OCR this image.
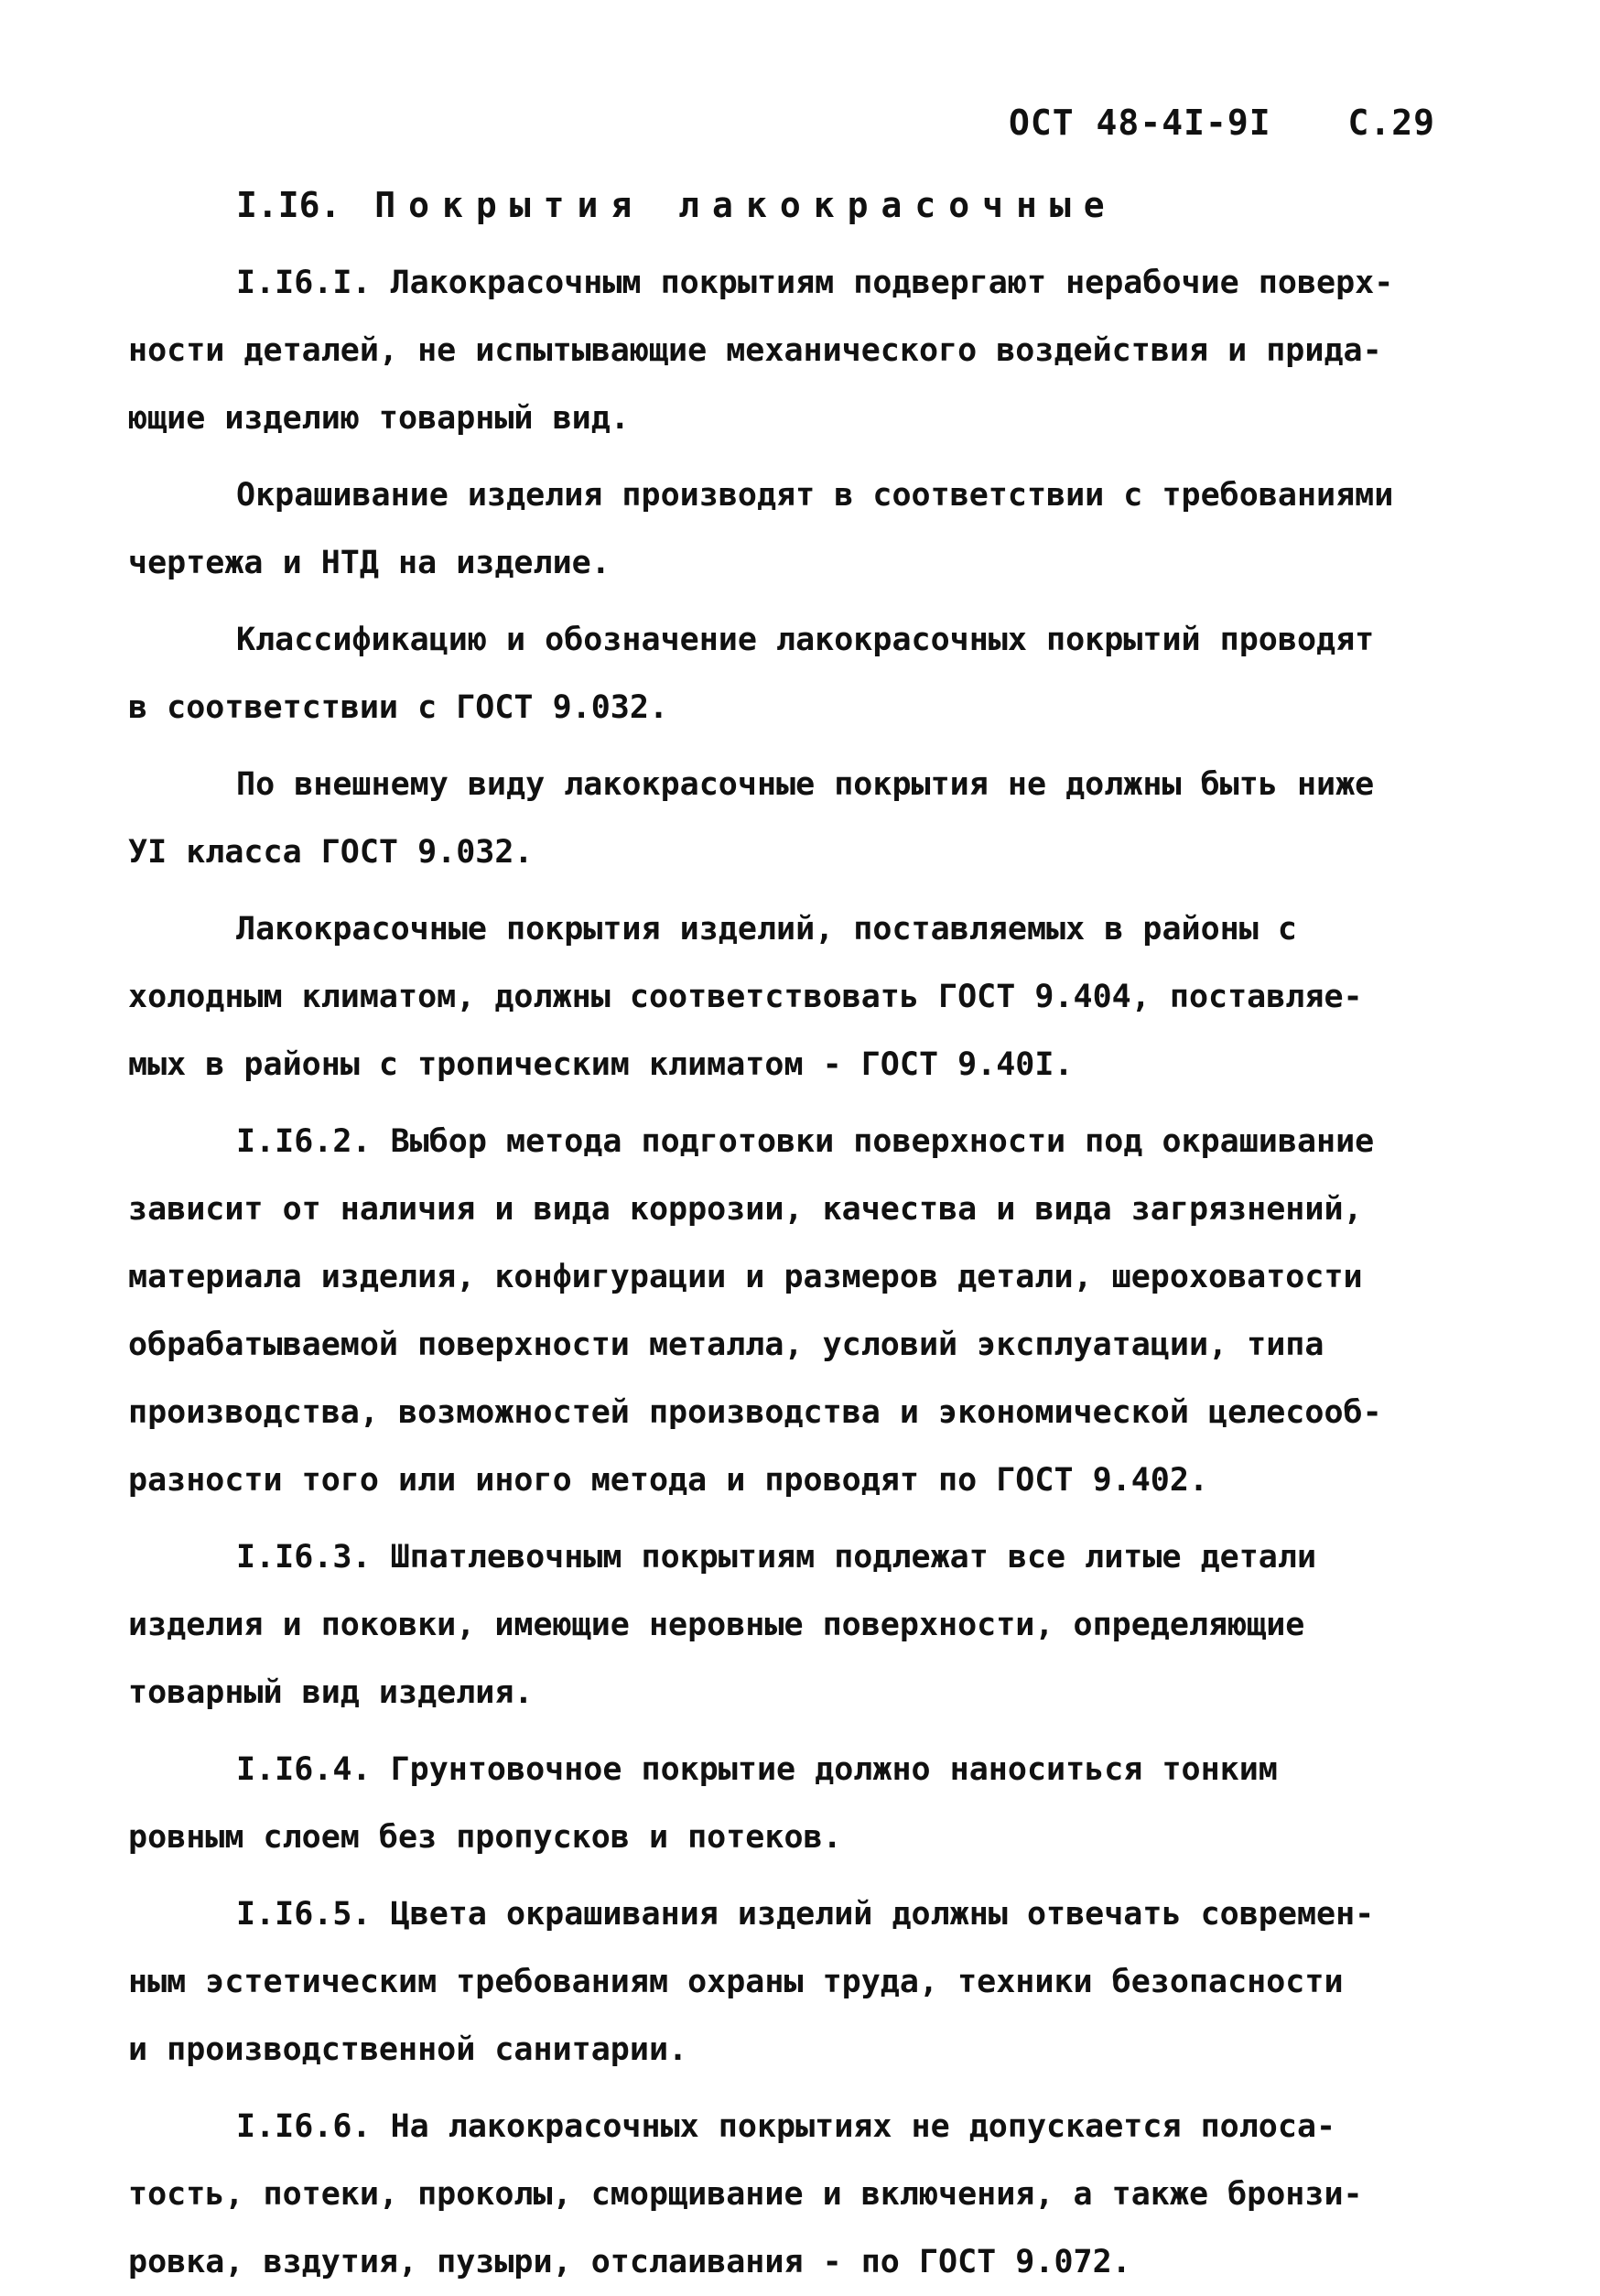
ОСТ 48-4I-9I С.29
I.I6. Покрытия лакокрасочные
I.I6.I. Лакокрасочным покрытиям подвергают нерабочие поверх-
ности деталей, не испытывающие механического воздействия и прида-
ющие изделию товарный вид.
Окрашивание изделия производят в соответствии с требованиями
чертежа и НТД на изделие.
Классификацию и обозначение лакокрасочных покрытий проводят
в соответствии с ГОСТ 9.032.
По внешнему виду лакокрасочные покрытия не должны быть ниже
УI класса ГОСТ 9.032.
Лакокрасочные покрытия изделий, поставляемых в районы с
холодным климатом, должны соответствовать ГОСТ 9.404, поставляе-
мых в районы с тропическим климатом - ГОСТ 9.40I.
I.I6.2. Выбор метода подготовки поверхности под окрашивание
зависит от наличия и вида коррозии, качества и вида загрязнений,
материала изделия, конфигурации и размеров детали, шероховатости
обрабатываемой поверхности металла, условий эксплуатации, типа
производства, возможностей производства и экономической целесооб-
разности того или иного метода и проводят по ГОСТ 9.402.
I.I6.3. Шпатлевочным покрытиям подлежат все литые детали
изделия и поковки, имеющие неровные поверхности, определяющие
товарный вид изделия.
I.I6.4. Грунтовочное покрытие должно наноситься тонким
ровным слоем без пропусков и потеков.
I.I6.5. Цвета окрашивания изделий должны отвечать современ-
ным эстетическим требованиям охраны труда, техники безопасности
и производственной санитарии.
I.I6.6. На лакокрасочных покрытиях не допускается полоса-
тость, потеки, проколы, сморщивание и включения, а также бронзи-
ровка, вздутия, пузыри, отслаивания - по ГОСТ 9.072.
